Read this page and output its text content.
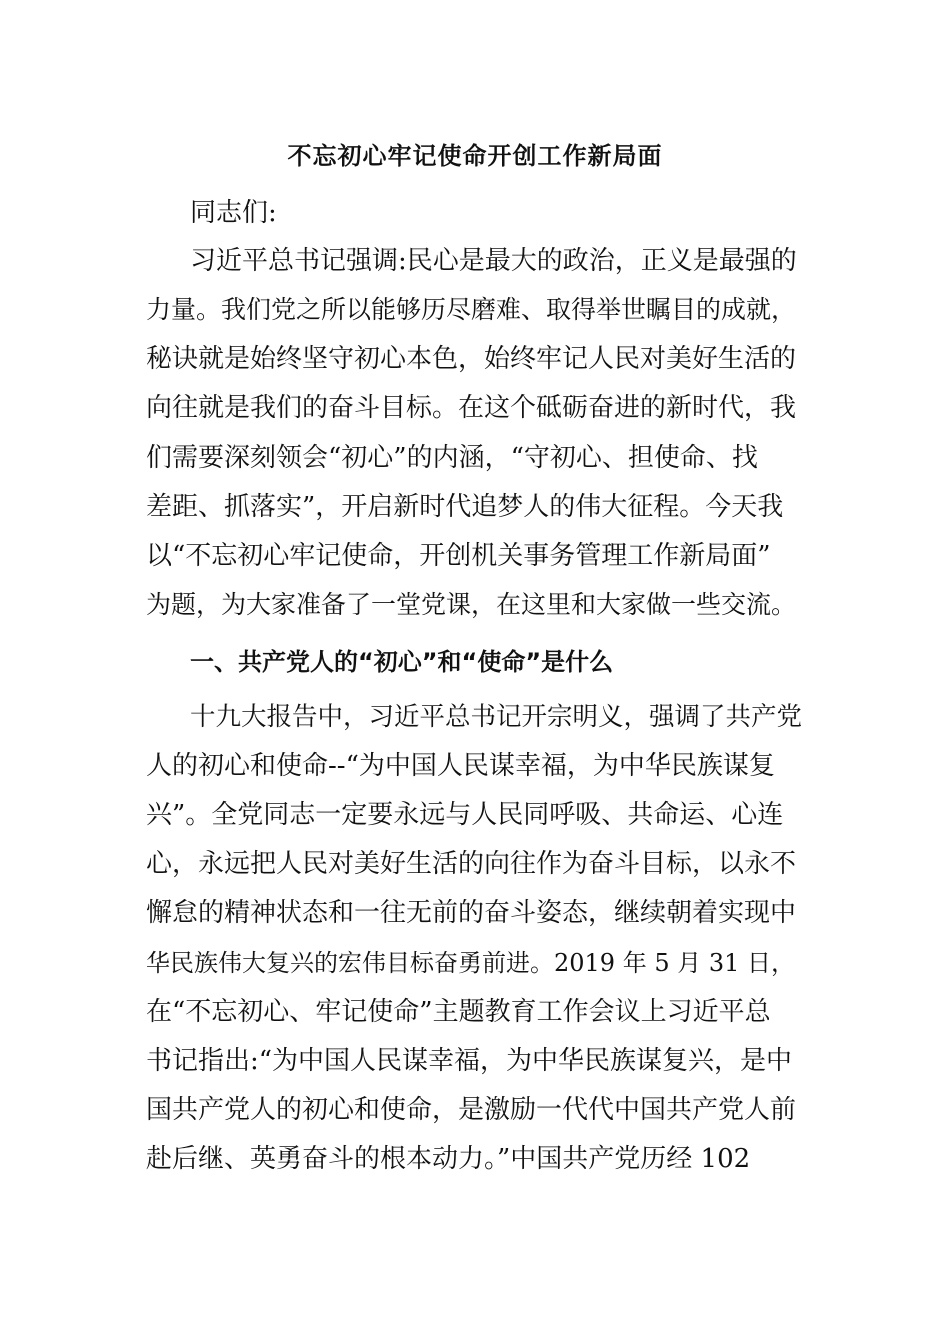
不忘初心牢记使命开创工作新局面
同志们:
习近平总书记强调:民心是最大的政治，正义是最强的
力量。我们党之所以能够历尽磨难、取得举世瞩目的成就，
秘诀就是始终坚守初心本色，始终牢记人民对美好生活的
向往就是我们的奋斗目标。在这个砥砺奋进的新时代，我
们需要深刻领会“初心”的内涵，“守初心、担使命、找
差距、抓落实”，开启新时代追梦人的伟大征程。今天我
以“不忘初心牢记使命，开创机关事务管理工作新局面”
为题，为大家准备了一堂党课，在这里和大家做一些交流。
一、共产党人的“初心”和“使命”是什么
十九大报告中，习近平总书记开宗明义，强调了共产党
人的初心和使命--“为中国人民谋幸福，为中华民族谋复
兴”。全党同志一定要永远与人民同呼吸、共命运、心连
心，永远把人民对美好生活的向往作为奋斗目标，以永不
懈怠的精神状态和一往无前的奋斗姿态，继续朝着实现中
华民族伟大复兴的宏伟目标奋勇前进。2019 年 5 月 31 日，
在“不忘初心、牢记使命”主题教育工作会议上习近平总
书记指出:“为中国人民谋幸福，为中华民族谋复兴，是中
国共产党人的初心和使命，是激励一代代中国共产党人前
赴后继、英勇奋斗的根本动力。”中国共产党历经 102
